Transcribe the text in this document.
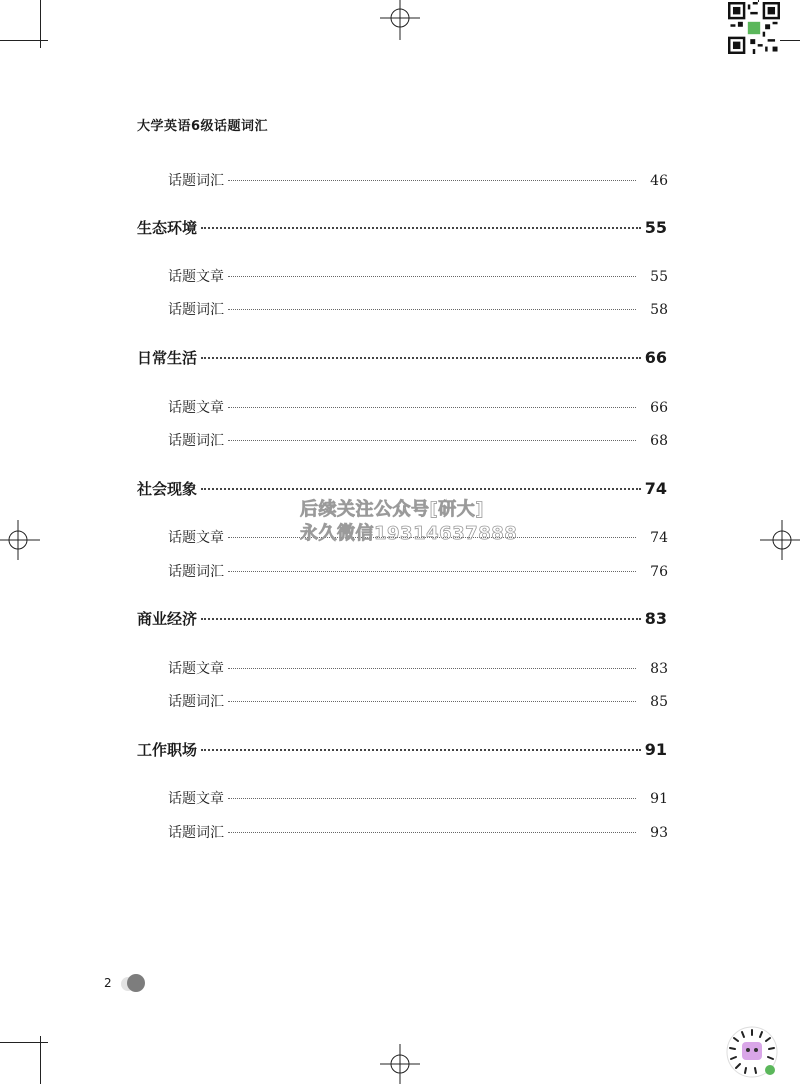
大学英语6级话题词汇
话题词汇	46
生态环境	55
话题文章	55
话题词汇	58
日常生活	66
话题文章	66
话题词汇	68
社会现象	74
话题文章	74
话题词汇	76
商业经济	83
话题文章	83
话题词汇	85
工作职场	91
话题文章	91
话题词汇	93
后续关注公众号[研大]
永久微信19314637888
2
